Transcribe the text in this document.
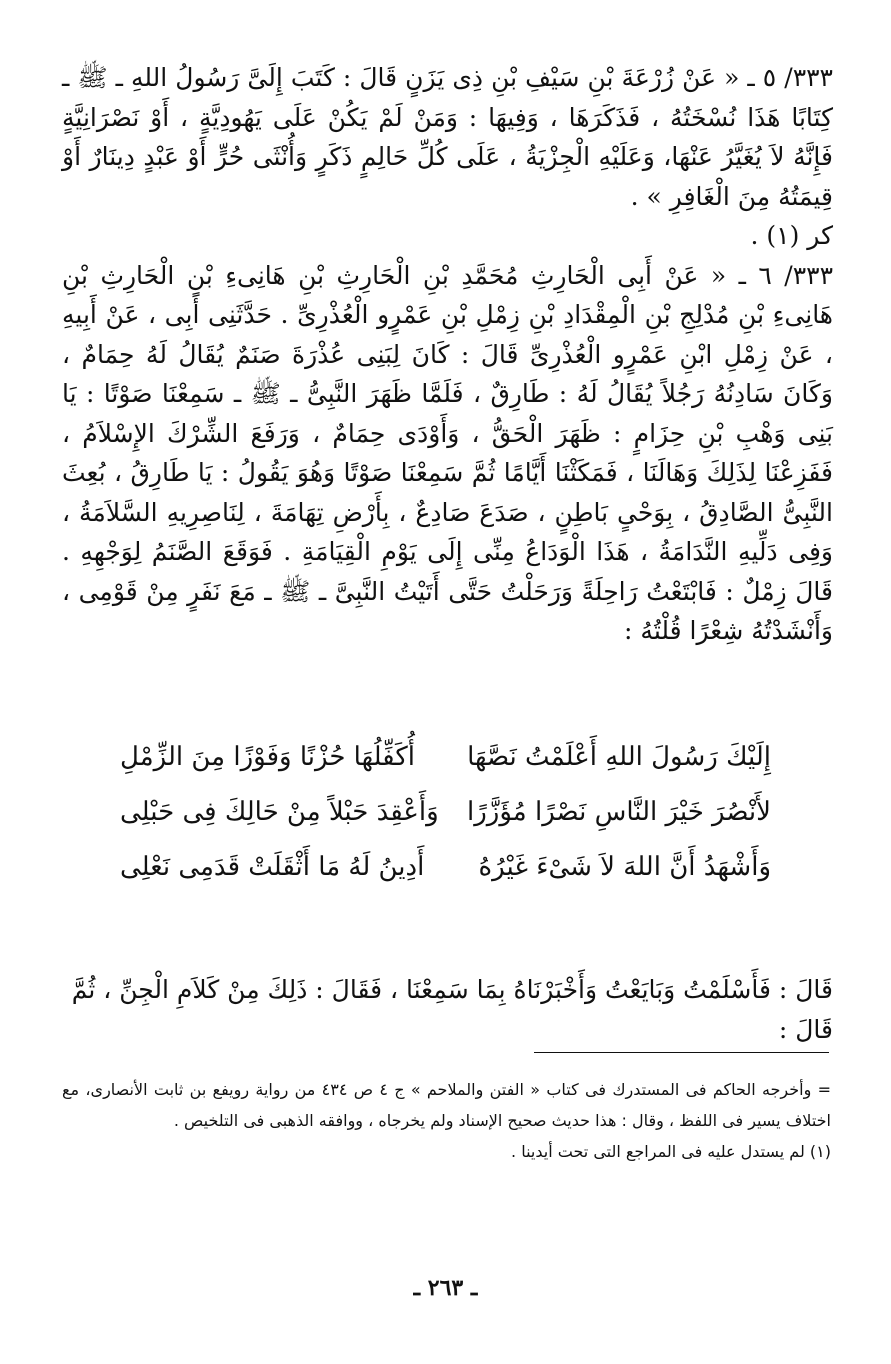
٣٣٣/ ٥ ـ « عَنْ زُرْعَةَ بْنِ سَيْفِ بْنِ ذِى يَزَنٍ قَالَ : كَتَبَ إِلَىَّ رَسُولُ اللهِ ـ ﷺ ـ كِتَابًا هَذَا نُسْخَتُهُ ، فَذَكَرَهَا ، وَفِيهَا : وَمَنْ لَمْ يَكُنْ عَلَى يَهُودِيَّةٍ ، أَوْ نَصْرَانِيَّةٍ فَإِنَّهُ لاَ يُغَيَّرُ عَنْهَا، وَعَلَيْهِ الْجِزْيَةُ ، عَلَى كُلِّ حَالِمٍ ذَكَرٍ وَأُنْثَى حُرٍّ أَوْ عَبْدٍ دِينَارٌ أَوْ قِيمَتُهُ مِنَ الْغَافِرِ » .

كر (١) .

٣٣٣/ ٦ ـ « عَنْ أَبِى الْحَارِثِ مُحَمَّدِ بْنِ الْحَارِثِ بْنِ هَانِىءِ بْنِ الْحَارِثِ بْنِ هَانِىءِ بْنِ مُدْلِجِ بْنِ الْمِقْدَادِ بْنِ زِمْلِ بْنِ عَمْرٍو الْعُذْرِىِّ . حَدَّثَنِى أَبِى ، عَنْ أَبِيهِ ، عَنْ زِمْلِ ابْنِ عَمْرٍو الْعُذْرِىِّ قَالَ : كَانَ لِبَنِى عُذْرَةَ صَنَمٌ يُقَالُ لَهُ حِمَامٌ ، وَكَانَ سَادِنُهُ رَجُلاً يُقَالُ لَهُ : طَارِقٌ ، فَلَمَّا ظَهَرَ النَّبِىُّ ـ ﷺ ـ سَمِعْنَا صَوْتًا : يَا بَنِى وَهْبِ بْنِ حِزَامٍ : ظَهَرَ الْحَقُّ ، وَأَوْدَى حِمَامٌ ، وَرَفَعَ الشِّرْكَ الإِسْلاَمُ ، فَفَزِعْنَا لِذَلِكَ وَهَالَنَا ، فَمَكَثْنَا أَيَّامًا ثُمَّ سَمِعْنَا صَوْتًا وَهُوَ يَقُولُ : يَا طَارِقُ ، بُعِثَ النَّبِىُّ الصَّادِقُ ، بِوَحْىٍ بَاطِنٍ ، صَدَعَ صَادِعٌ ، بِأَرْضِ تِهَامَةَ ، لِنَاصِرِيهِ السَّلاَمَةُ ، وَفِى دَلِّيهِ النَّدَامَةُ ، هَذَا الْوَدَاعُ مِنِّى إِلَى يَوْمِ الْقِيَامَةِ . فَوَقَعَ الصَّنَمُ لِوَجْهِهِ . قَالَ زِمْلٌ : فَابْتَعْتُ رَاحِلَةً وَرَحَلْتُ حَتَّى أَتَيْتُ النَّبِىَّ ـ ﷺ ـ مَعَ نَفَرٍ مِنْ قَوْمِى ، وَأَنْشَدْتُهُ شِعْرًا قُلْتُهُ :

إِلَيْكَ رَسُولَ اللهِ أَعْلَمْتُ نَصَّهَا
أُكَفِّلُهَا حُزْنًا وَفَوْزًا مِنَ الزِّمْلِ
لأَنْصُرَ خَيْرَ النَّاسِ نَصْرًا مُؤَزَّرًا
وَأَعْقِدَ حَبْلاً مِنْ حَالِكَ فِى حَبْلِى
وَأَشْهَدُ أَنَّ اللهَ لاَ شَىْءَ غَيْرُهُ
أَدِينُ لَهُ مَا أَثْقَلَتْ قَدَمِى نَعْلِى

قَالَ : فَأَسْلَمْتُ وَبَايَعْتُ وَأَخْبَرْنَاهُ بِمَا سَمِعْنَا ، فَقَالَ : ذَلِكَ مِنْ كَلاَمِ الْجِنِّ ، ثُمَّ قَالَ :

= وأخرجه الحاكم فى المستدرك فى كتاب « الفتن والملاحم » ج ٤ ص ٤٣٤ من رواية رويفع بن ثابت الأنصارى، مع اختلاف يسير فى اللفظ ، وقال : هذا حديث صحيح الإسناد ولم يخرجاه ، ووافقه الذهبى فى التلخيص .

(١) لم يستدل عليه فى المراجع التى تحت أيدينا .

ـ ٢٦٣ ـ
